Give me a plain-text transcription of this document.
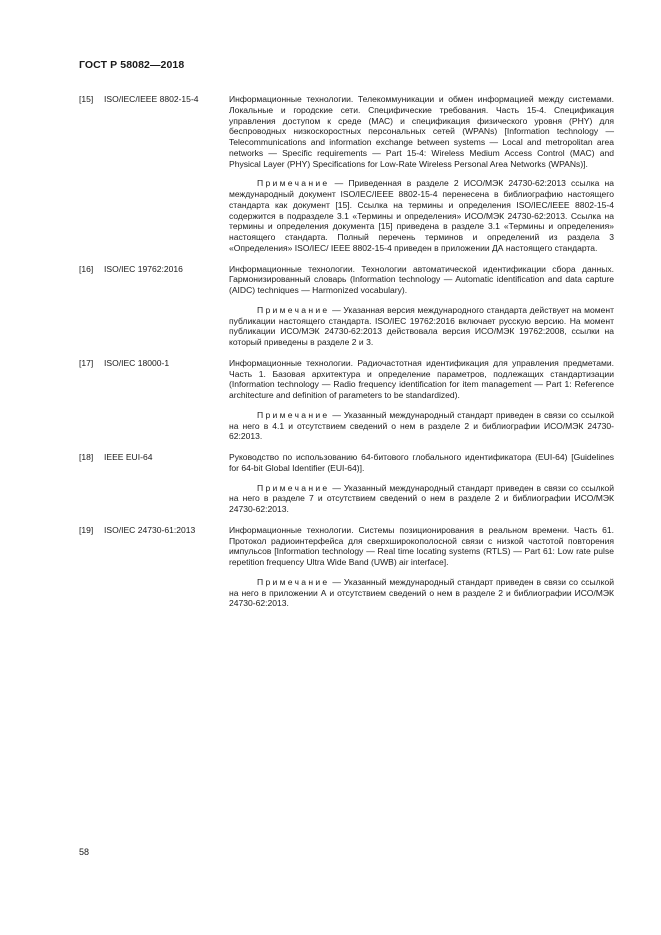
ГОСТ Р 58082—2018
[15]	ISO/IEC/IEEE 8802-15-4	Информационные технологии. Телекоммуникации и обмен информацией между системами. Локальные и городские сети. Специфические требования. Часть 15-4. Спецификация управления доступом к среде (МАС) и спецификация физического уровня (PHY) для беспроводных низкоскоростных персональных сетей (WPANs) [Information technology — Telecommunications and information exchange between systems — Local and metropolitan area networks — Specific requirements — Part 15-4: Wireless Medium Access Control (MAC) and Physical Layer (PHY) Specifications for Low-Rate Wireless Personal Area Networks (WPANs)].
Примечание — Приведенная в разделе 2 ИСО/МЭК 24730-62:2013 ссылка на международный документ ISO/IEC/IEEE 8802-15-4 перенесена в библиографию настоящего стандарта как документ [15]. Ссылка на термины и определения ISO/IEC/IEEE 8802-15-4 содержится в подразделе 3.1 «Термины и определения» ИСО/МЭК 24730-62:2013. Ссылка на термины и определения документа [15] приведена в разделе 3.1 «Термины и определения» настоящего стандарта. Полный перечень терминов и определений из раздела 3 «Определения» ISO/IEC/ IEEE 8802-15-4 приведен в приложении ДА настоящего стандарта.
[16]	ISO/IEC 19762:2016	Информационные технологии. Технологии автоматической идентификации сбора данных. Гармонизированный словарь (Information technology — Automatic identification and data capture (AIDC) techniques — Harmonized vocabulary).
Примечание — Указанная версия международного стандарта действует на момент публикации настоящего стандарта. ISO/IEC 19762:2016 включает русскую версию. На момент публикации ИСО/МЭК 24730-62:2013 действовала версия ИСО/МЭК 19762:2008, ссылки на который приведены в разделе 2 и 3.
[17]	ISO/IEC 18000-1	Информационные технологии. Радиочастотная идентификация для управления предметами. Часть 1. Базовая архитектура и определение параметров, подлежащих стандартизации (Information technology — Radio frequency identification for item management — Part 1: Reference architecture and definition of parameters to be standardized).
Примечание — Указанный международный стандарт приведен в связи со ссылкой на него в 4.1 и отсутствием сведений о нем в разделе 2 и библиографии ИСО/МЭК 24730-62:2013.
[18]	IEEE EUI-64	Руководство по использованию 64-битового глобального идентификатора (EUI-64) [Guidelines for 64-bit Global Identifier (EUI-64)].
Примечание — Указанный международный стандарт приведен в связи со ссылкой на него в разделе 7 и отсутствием сведений о нем в разделе 2 и библиографии ИСО/МЭК 24730-62:2013.
[19]	ISO/IEC 24730-61:2013	Информационные технологии. Системы позиционирования в реальном времени. Часть 61. Протокол радиоинтерфейса для сверхширокополосной связи с низкой частотой повторения импульсов [Information technology — Real time locating systems (RTLS) — Part 61: Low rate pulse repetition frequency Ultra Wide Band (UWB) air interface].
Примечание — Указанный международный стандарт приведен в связи со ссылкой на него в приложении А и отсутствием сведений о нем в разделе 2 и библиографии ИСО/МЭК 24730-62:2013.
58
